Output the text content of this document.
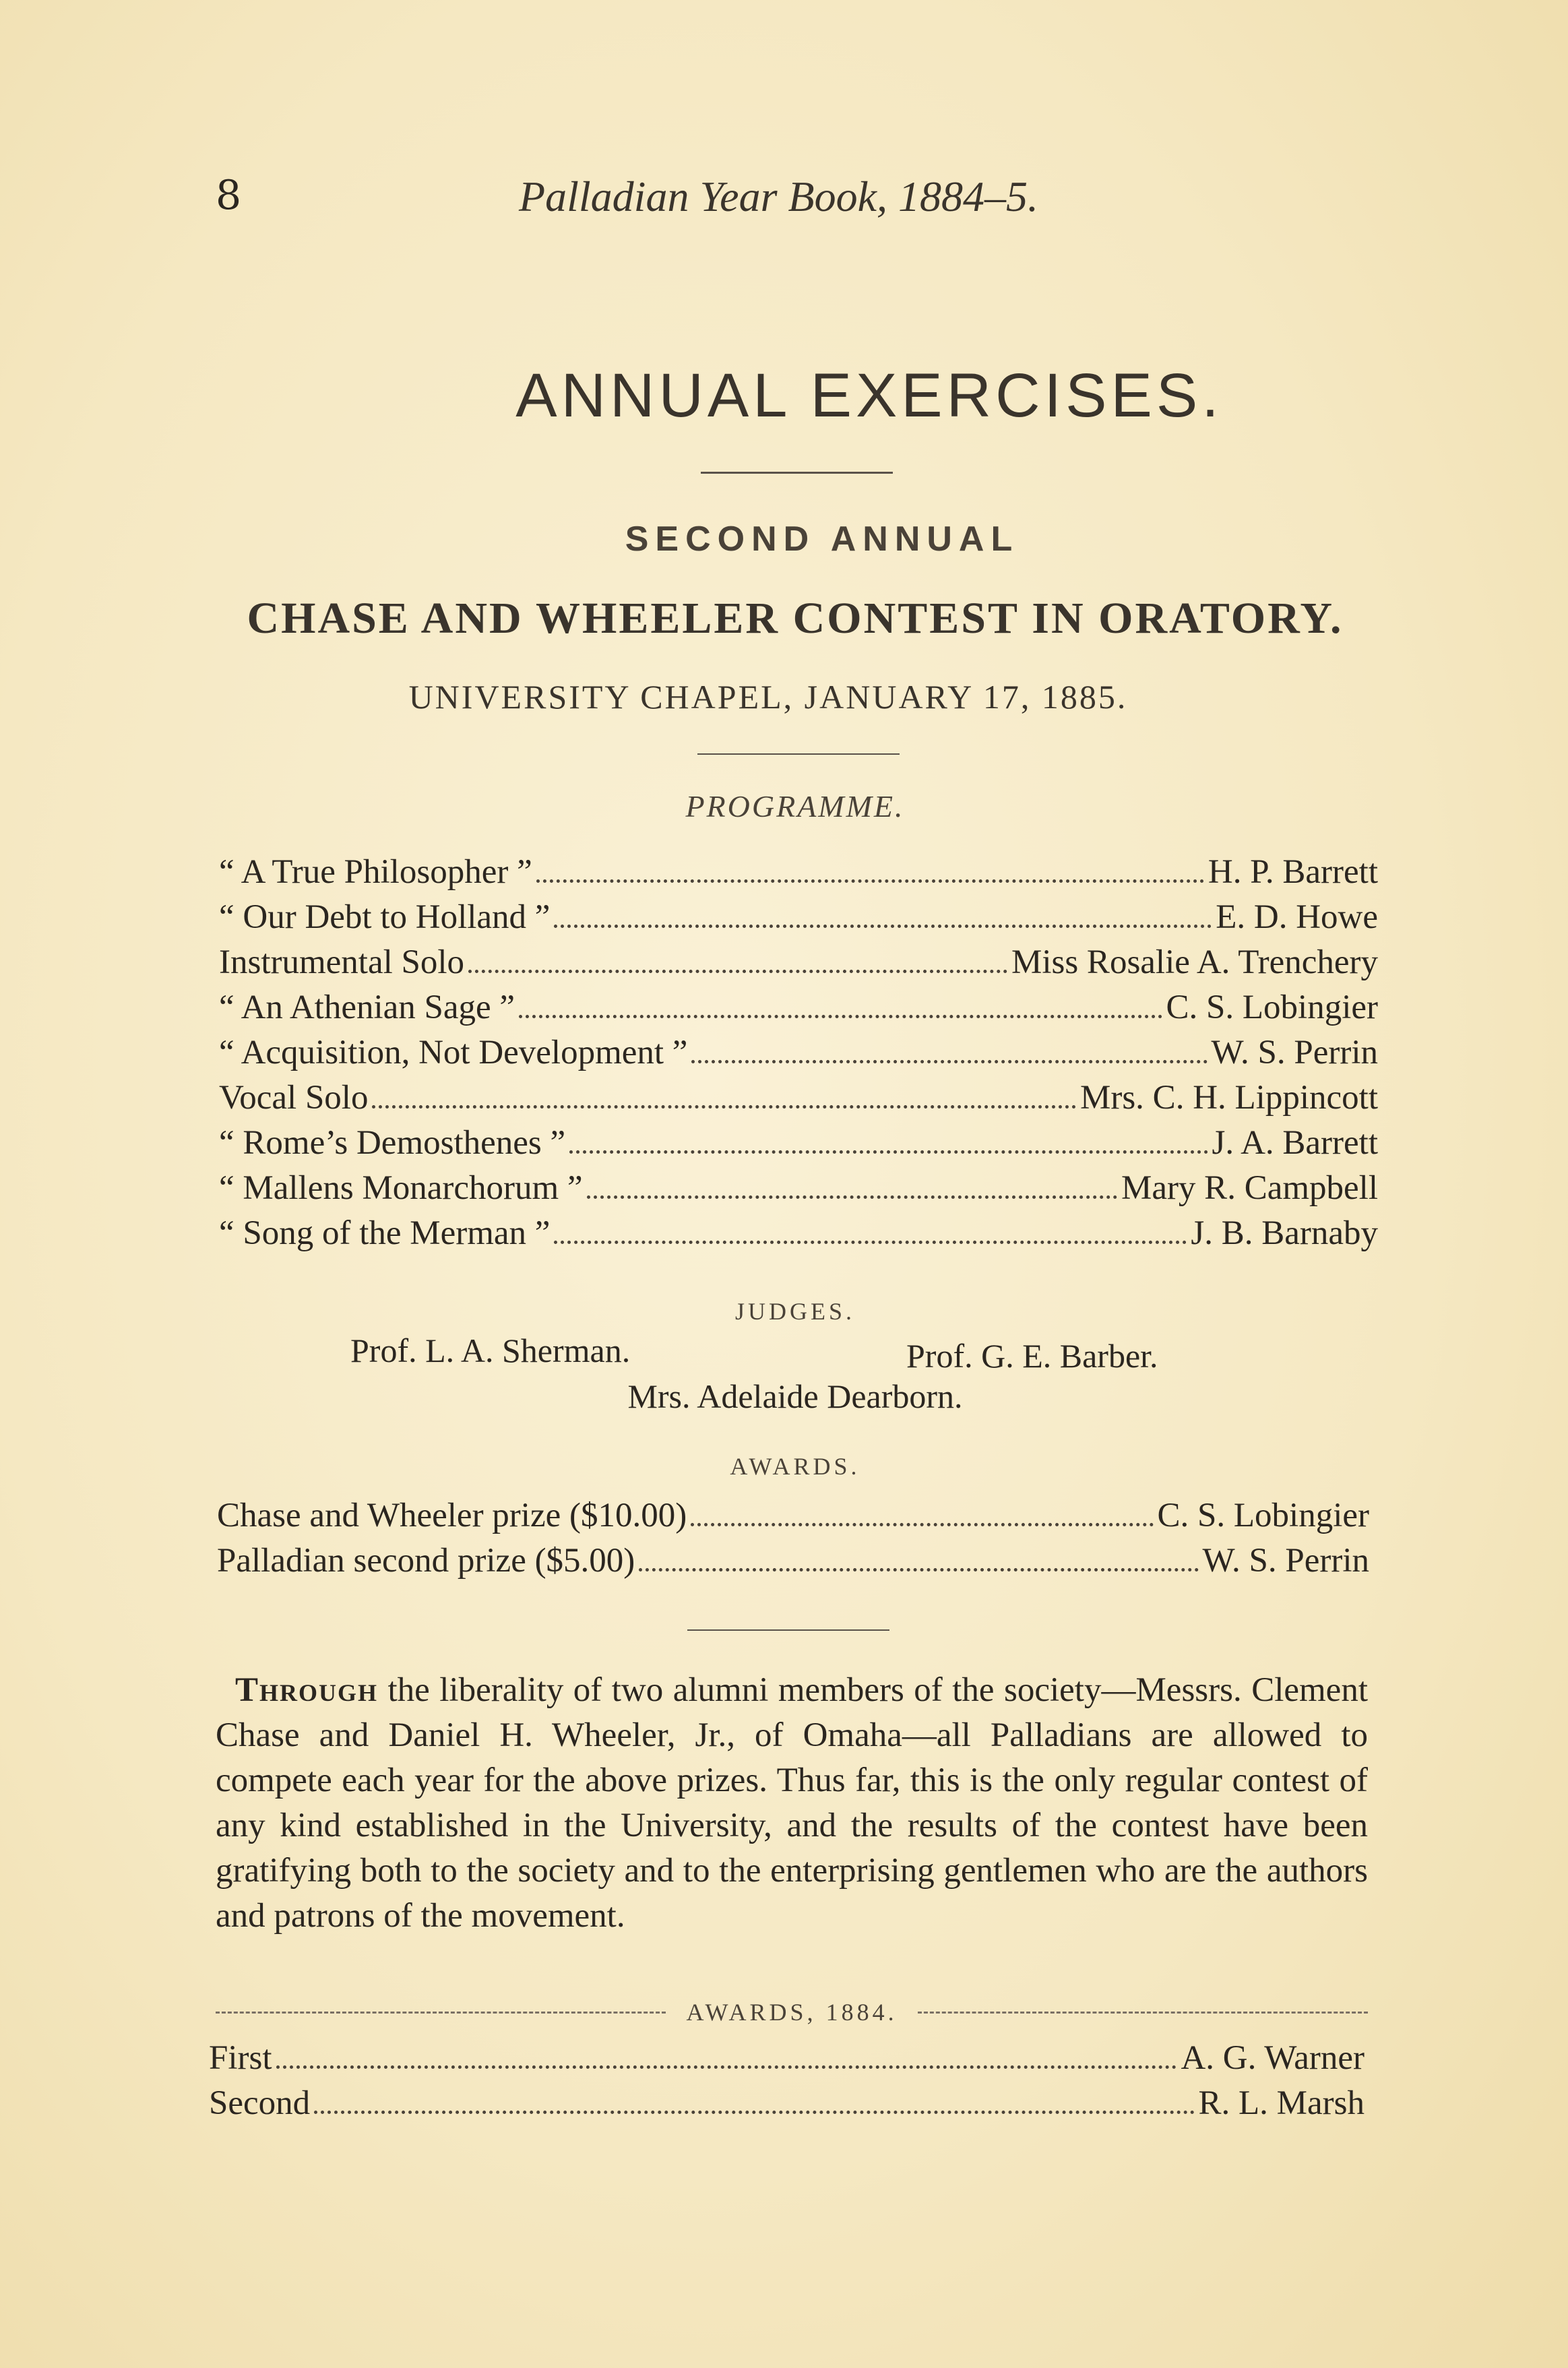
8	Palladian Year Book, 1884–5.
ANNUAL EXERCISES.
SECOND ANNUAL
CHASE AND WHEELER CONTEST IN ORATORY.
UNIVERSITY CHAPEL, JANUARY 17, 1885.
PROGRAMME.
“ A True Philosopher ”	H. P. Barrett
“ Our Debt to Holland ”	E. D. Howe
Instrumental Solo	Miss Rosalie A. Trenchery
“ An Athenian Sage ”	C. S. Lobingier
“ Acquisition, Not Development ”	W. S. Perrin
Vocal Solo	Mrs. C. H. Lippincott
“ Rome’s Demosthenes ”	J. A. Barrett
“ Mallens Monarchorum ”	Mary R. Campbell
“ Song of the Merman ”	J. B. Barnaby
JUDGES.
Prof. L. A. Sherman.	Prof. G. E. Barber.
Mrs. Adelaide Dearborn.
AWARDS.
Chase and Wheeler prize ($10.00)	C. S. Lobingier
Palladian second prize ($5.00)	W. S. Perrin
Through the liberality of two alumni members of the society—Messrs. Clement Chase and Daniel H. Wheeler, Jr., of Omaha—all Palladians are allowed to compete each year for the above prizes. Thus far, this is the only regular contest of any kind established in the University, and the results of the contest have been gratifying both to the society and to the enterprising gentlemen who are the authors and patrons of the movement.
AWARDS, 1884.
First	A. G. Warner
Second	R. L. Marsh
